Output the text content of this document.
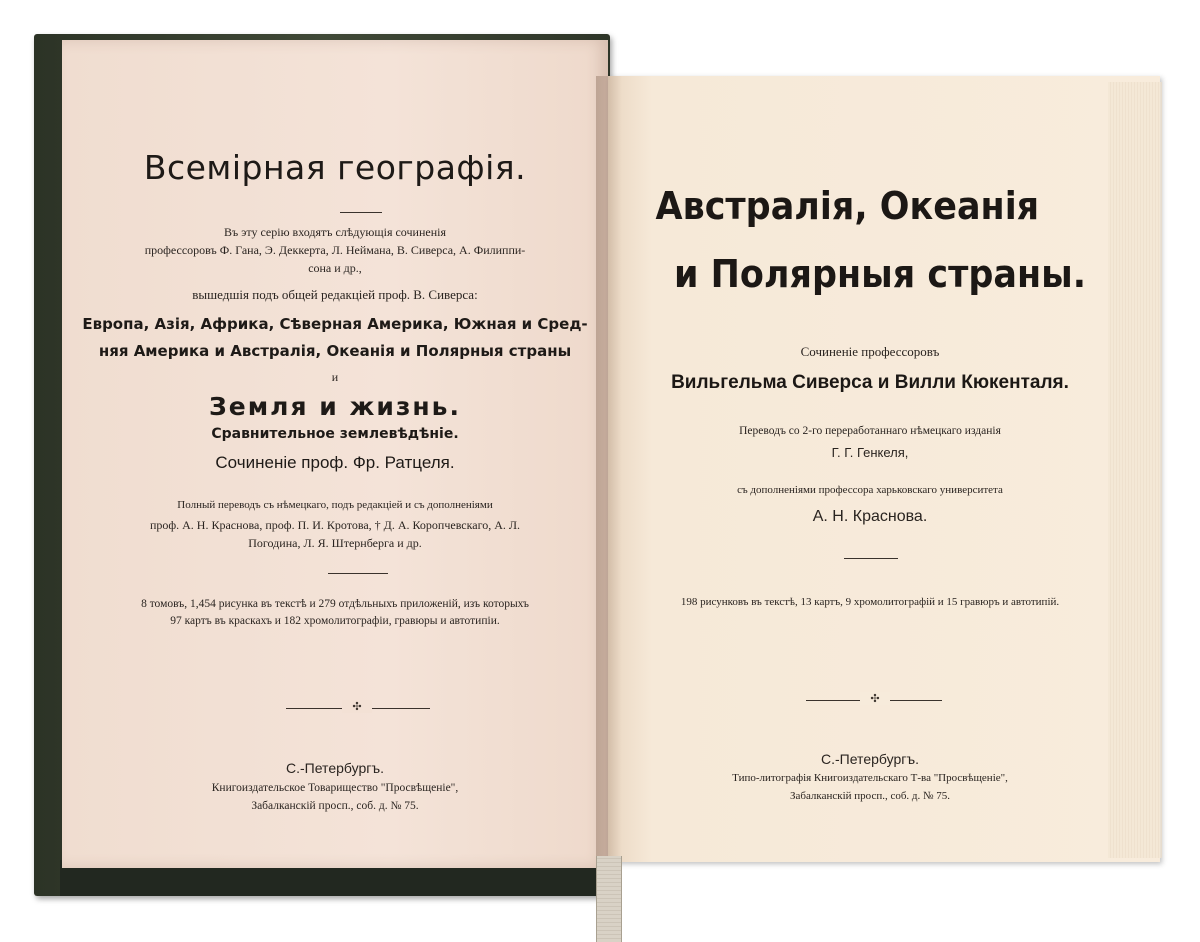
Всемiрная географiя.
Въ эту серiю входятъ слѣдующiя сочиненiя
профессоровъ Ф. Гана, Э. Деккерта, Л. Неймана, В. Сиверса, А. Филиппи-
сона и др.,
вышедшiя подъ общей редакцiей проф. В. Сиверса:
Европа, Азiя, Африка, Сѣверная Америка, Южная и Сред-
няя Америка и Австралiя, Океанiя и Полярныя страны
и
Земля и жизнь.
Сравнительное землевѣдѣнiе.
Сочиненiе проф. Фр. Ратцеля.
Полный переводъ съ нѣмецкаго, подъ редакцiей и съ дополненiями
проф. А. Н. Краснова, проф. П. И. Кротова, † Д. А. Коропчевскаго, А. Л.
Погодина, Л. Я. Штернберга и др.
8 томовъ, 1,454 рисунка въ текстѣ и 279 отдѣльныхъ приложенiй, изъ которыхъ
97 картъ въ краскахъ и 182 хромолитографiи, гравюры и автотипiи.
✣
С.-Петербургъ.
Книгоиздательское Товарищество "Просвѣщенiе",
Забалканскiй просп., соб. д. № 75.
Австралiя, Океанiя
и Полярныя страны.
Сочиненiе профессоровъ
Вильгельма Сиверса и Вилли Кюкенталя.
Переводъ со 2-го переработаннаго нѣмецкаго изданiя
Г. Г. Генкеля,
съ дополненiями профессора харьковскаго университета
А. Н. Краснова.
198 рисунковъ въ текстѣ, 13 картъ, 9 хромолитографiй и 15 гравюръ и автотипiй.
✣
С.-Петербургъ.
Типо-литографiя Книгоиздательскаго Т-ва "Просвѣщенiе",
Забалканскiй просп., соб. д. № 75.
